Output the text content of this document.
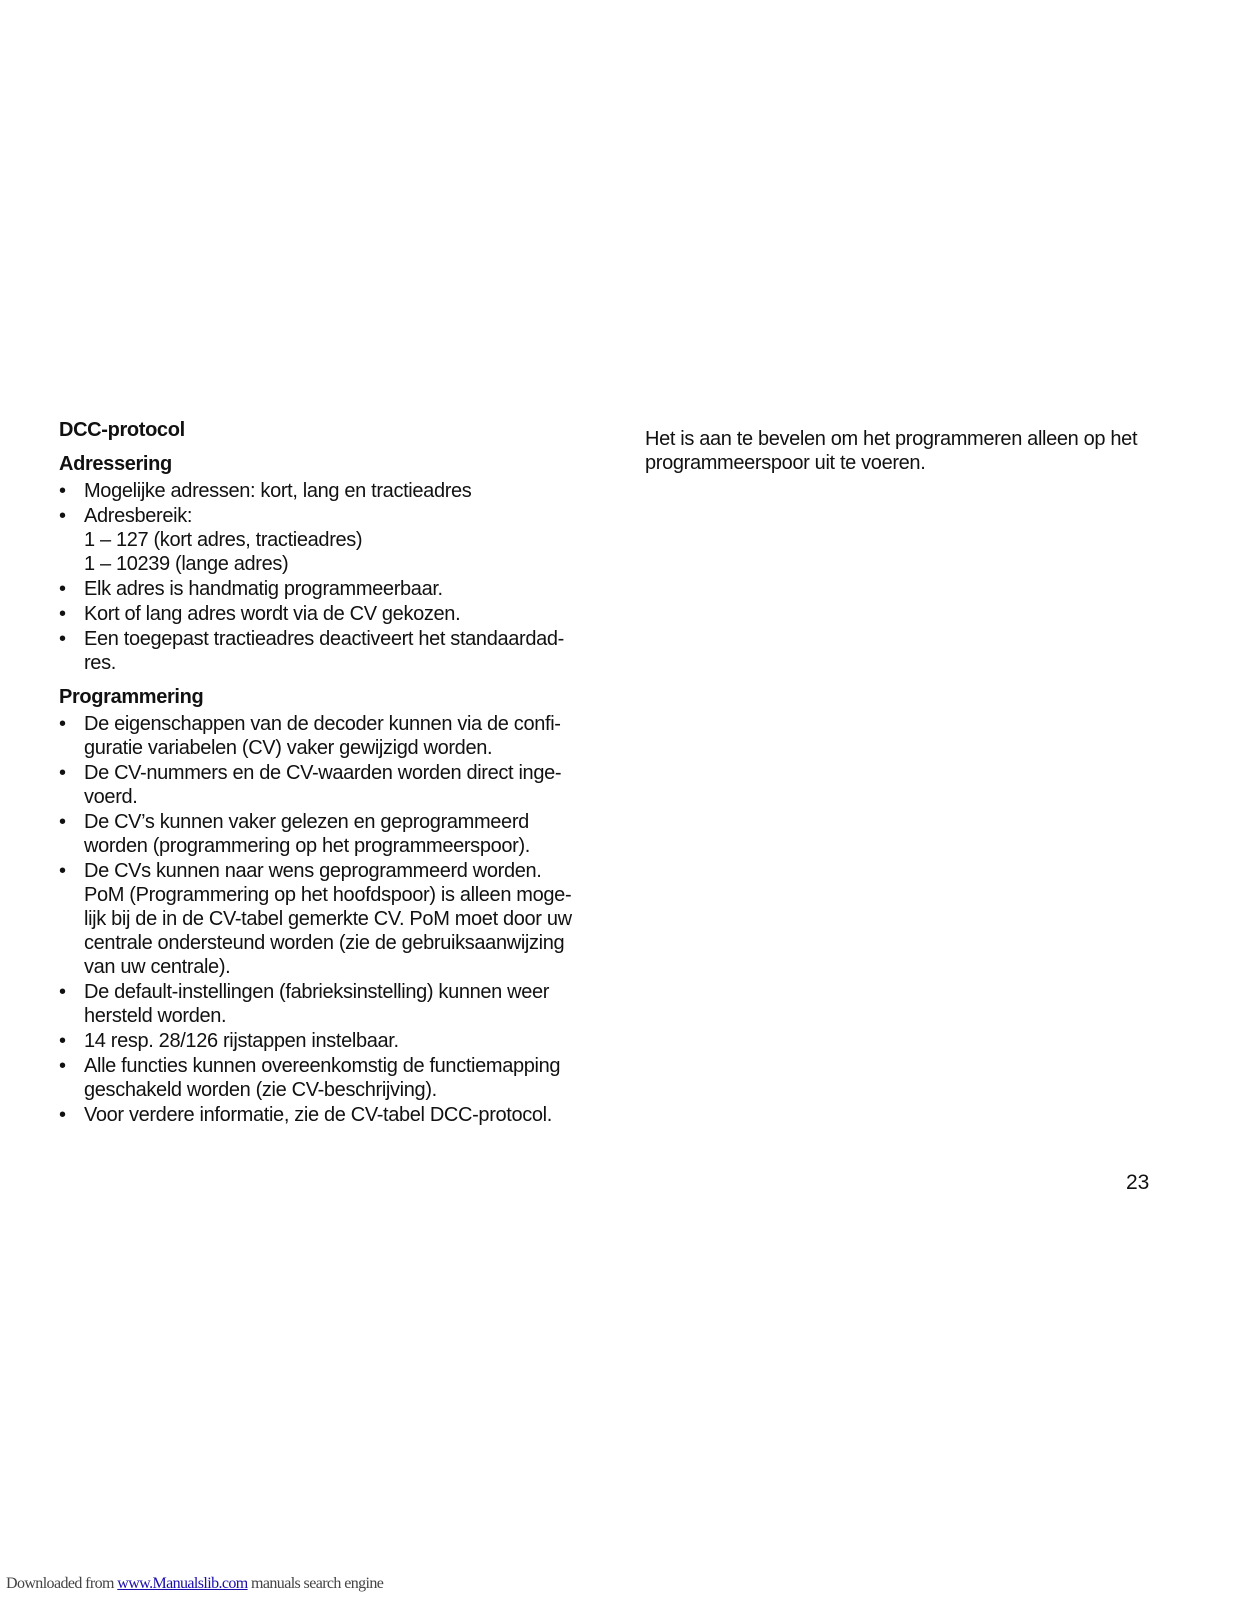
DCC-protocol
Adressering
• Mogelijke adressen: kort, lang en tractieadres
• Adresbereik:
1 – 127 (kort adres, tractieadres)
1 – 10239 (lange adres)
• Elk adres is handmatig programmeerbaar.
• Kort of lang adres wordt via de CV gekozen.
• Een toegepast tractieadres deactiveert het standaardad-
res.
Programmering
• De eigenschappen van de decoder kunnen via de confi-
guratie variabelen (CV) vaker gewijzigd worden.
• De CV-nummers en de CV-waarden worden direct inge-
voerd.
• De CV’s kunnen vaker gelezen en geprogrammeerd
worden (programmering op het programmeerspoor).
• De CVs kunnen naar wens geprogrammeerd worden.
PoM (Programmering op het hoofdspoor) is alleen moge-
lijk bij de in de CV-tabel gemerkte CV. PoM moet door uw
centrale ondersteund worden (zie de gebruiksaanwijzing
van uw centrale).
• De default-instellingen (fabrieksinstelling) kunnen weer
hersteld worden.
• 14 resp. 28/126 rijstappen instelbaar.
• Alle functies kunnen overeenkomstig de functiemapping
geschakeld worden (zie CV-beschrijving).
• Voor verdere informatie, zie de CV-tabel DCC-protocol.
Het is aan te bevelen om het programmeren alleen op het
programmeerspoor uit te voeren.
23
Downloaded from www.Manualslib.com manuals search engine
